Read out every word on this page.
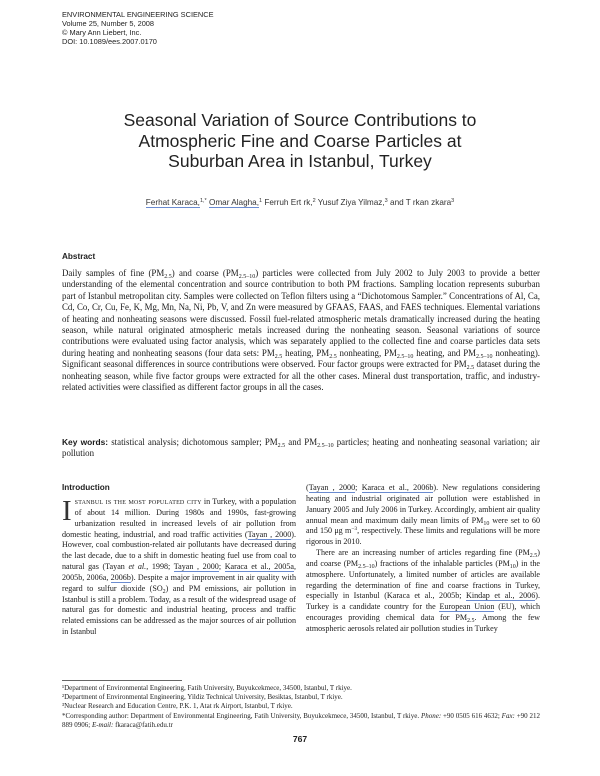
ENVIRONMENTAL ENGINEERING SCIENCE
Volume 25, Number 5, 2008
© Mary Ann Liebert, Inc.
DOI: 10.1089/ees.2007.0170
Seasonal Variation of Source Contributions to
Atmospheric Fine and Coarse Particles at
Suburban Area in Istanbul, Turkey
Ferhat Karaca,$^{1,*}$ Omar Alagha,$^1$ Ferruh Ert rk,$^2$ Yusuf Ziya Yilmaz,$^3$ and T rkan zkara$^3$
Abstract
Daily samples of fine $(PM_{2.5})$ and coarse $(PM_{2.5-10})$ particles were collected from July 2002 to July 2003 to provide a better understanding of the elemental concentration and source contribution to both PM fractions. Sampling location represents suburban part of Istanbul metropolitan city. Samples were collected on Teflon filters using a “Dichotomous Sampler.” Concentrations of Al, Ca, Cd, Co, Cr, Cu, Fe, K, Mg, Mn, Na, Ni, Pb, V, and Zn were measured by GFAAS, FAAS, and FAES techniques. Elemental variations of heating and nonheating seasons were discussed. Fossil fuel-related atmospheric metals dramatically increased during the heating season, while natural originated atmospheric metals increased during the nonheating season. Seasonal variations of source contributions were evaluated using factor analysis, which was separately applied to the collected fine and coarse particles data sets during heating and nonheating seasons (four data sets: $PM_{2.5}$ heating, $PM_{2.5}$ nonheating, $PM_{2.5-10}$ heating, and $PM_{2.5-10}$ nonheating). Significant seasonal differences in source contributions were observed. Four factor groups were extracted for $PM_{2.5}$ dataset during the nonheating season, while five factor groups were extracted for all the other cases. Mineral dust transportation, traffic, and industry-related activities were classified as different factor groups in all the cases.
Key words: statistical analysis; dichotomous sampler; $PM_{2.5}$ and $PM_{2.5-10}$ particles; heating and nonheating seasonal variation; air pollution
Introduction

Istanbul is the most populated city in Turkey, with a population of about 14 million. During 1980s and 1990s, fast-growing urbanization resulted in increased levels of air pollution from domestic heating, industrial, and road traffic activities (Tayan , 2000). However, coal combustion-related air pollutants have decreased during the last decade, due to a shift in domestic heating fuel use from coal to natural gas (Tayan et al., 1998; Tayan , 2000; Karaca et al., 2005a, 2005b, 2006a, 2006b). Despite a major improvement in air quality with regard to sulfur dioxide $(SO_2)$ and PM emissions, air pollution in Istanbul is still a problem. Today, as a result of the widespread usage of natural gas for domestic and industrial heating, process and traffic related emissions can be addressed as the major sources of air pollution in Istanbul

(Tayan , 2000; Karaca et al., 2006b). New regulations considering heating and industrial originated air pollution were established in January 2005 and July 2006 in Turkey. Accordingly, ambient air quality annual mean and maximum daily mean limits of $PM_{10}$ were set to 60 and 150 μg $m^{-3}$, respectively. These limits and regulations will be more rigorous in 2010.

There are an increasing number of articles regarding fine $(PM_{2.5})$ and coarse $(PM_{2.5-10})$ fractions of the inhalable particles $(PM_{10})$ in the atmosphere. Unfortunately, a limited number of articles are available regarding the determination of fine and coarse fractions in Turkey, especially in Istanbul (Karaca et al., 2005b; Kindap et al., 2006). Turkey is a candidate country for the European Union (EU), which encourages providing chemical data for $PM_{2.5}$. Among the few atmospheric aerosols related air pollution studies in Turkey

¹Department of Environmental Engineering, Fatih University, Buyukcekmece, 34500, Istanbul, T rkiye.
²Department of Environmental Engineering, Yildiz Technical University, Besiktas, Istanbul, T rkiye.
³Nuclear Research and Education Centre, P.K. 1, Atat rk Airport, Istanbul, T rkiye.
*Corresponding author: Department of Environmental Engineering, Fatih University, Buyukcekmece, 34500, Istanbul, T rkiye. Phone: +90 0505 616 4632; Fax: +90 212 889 0906; E-mail: fkaraca@fatih.edu.tr
767
